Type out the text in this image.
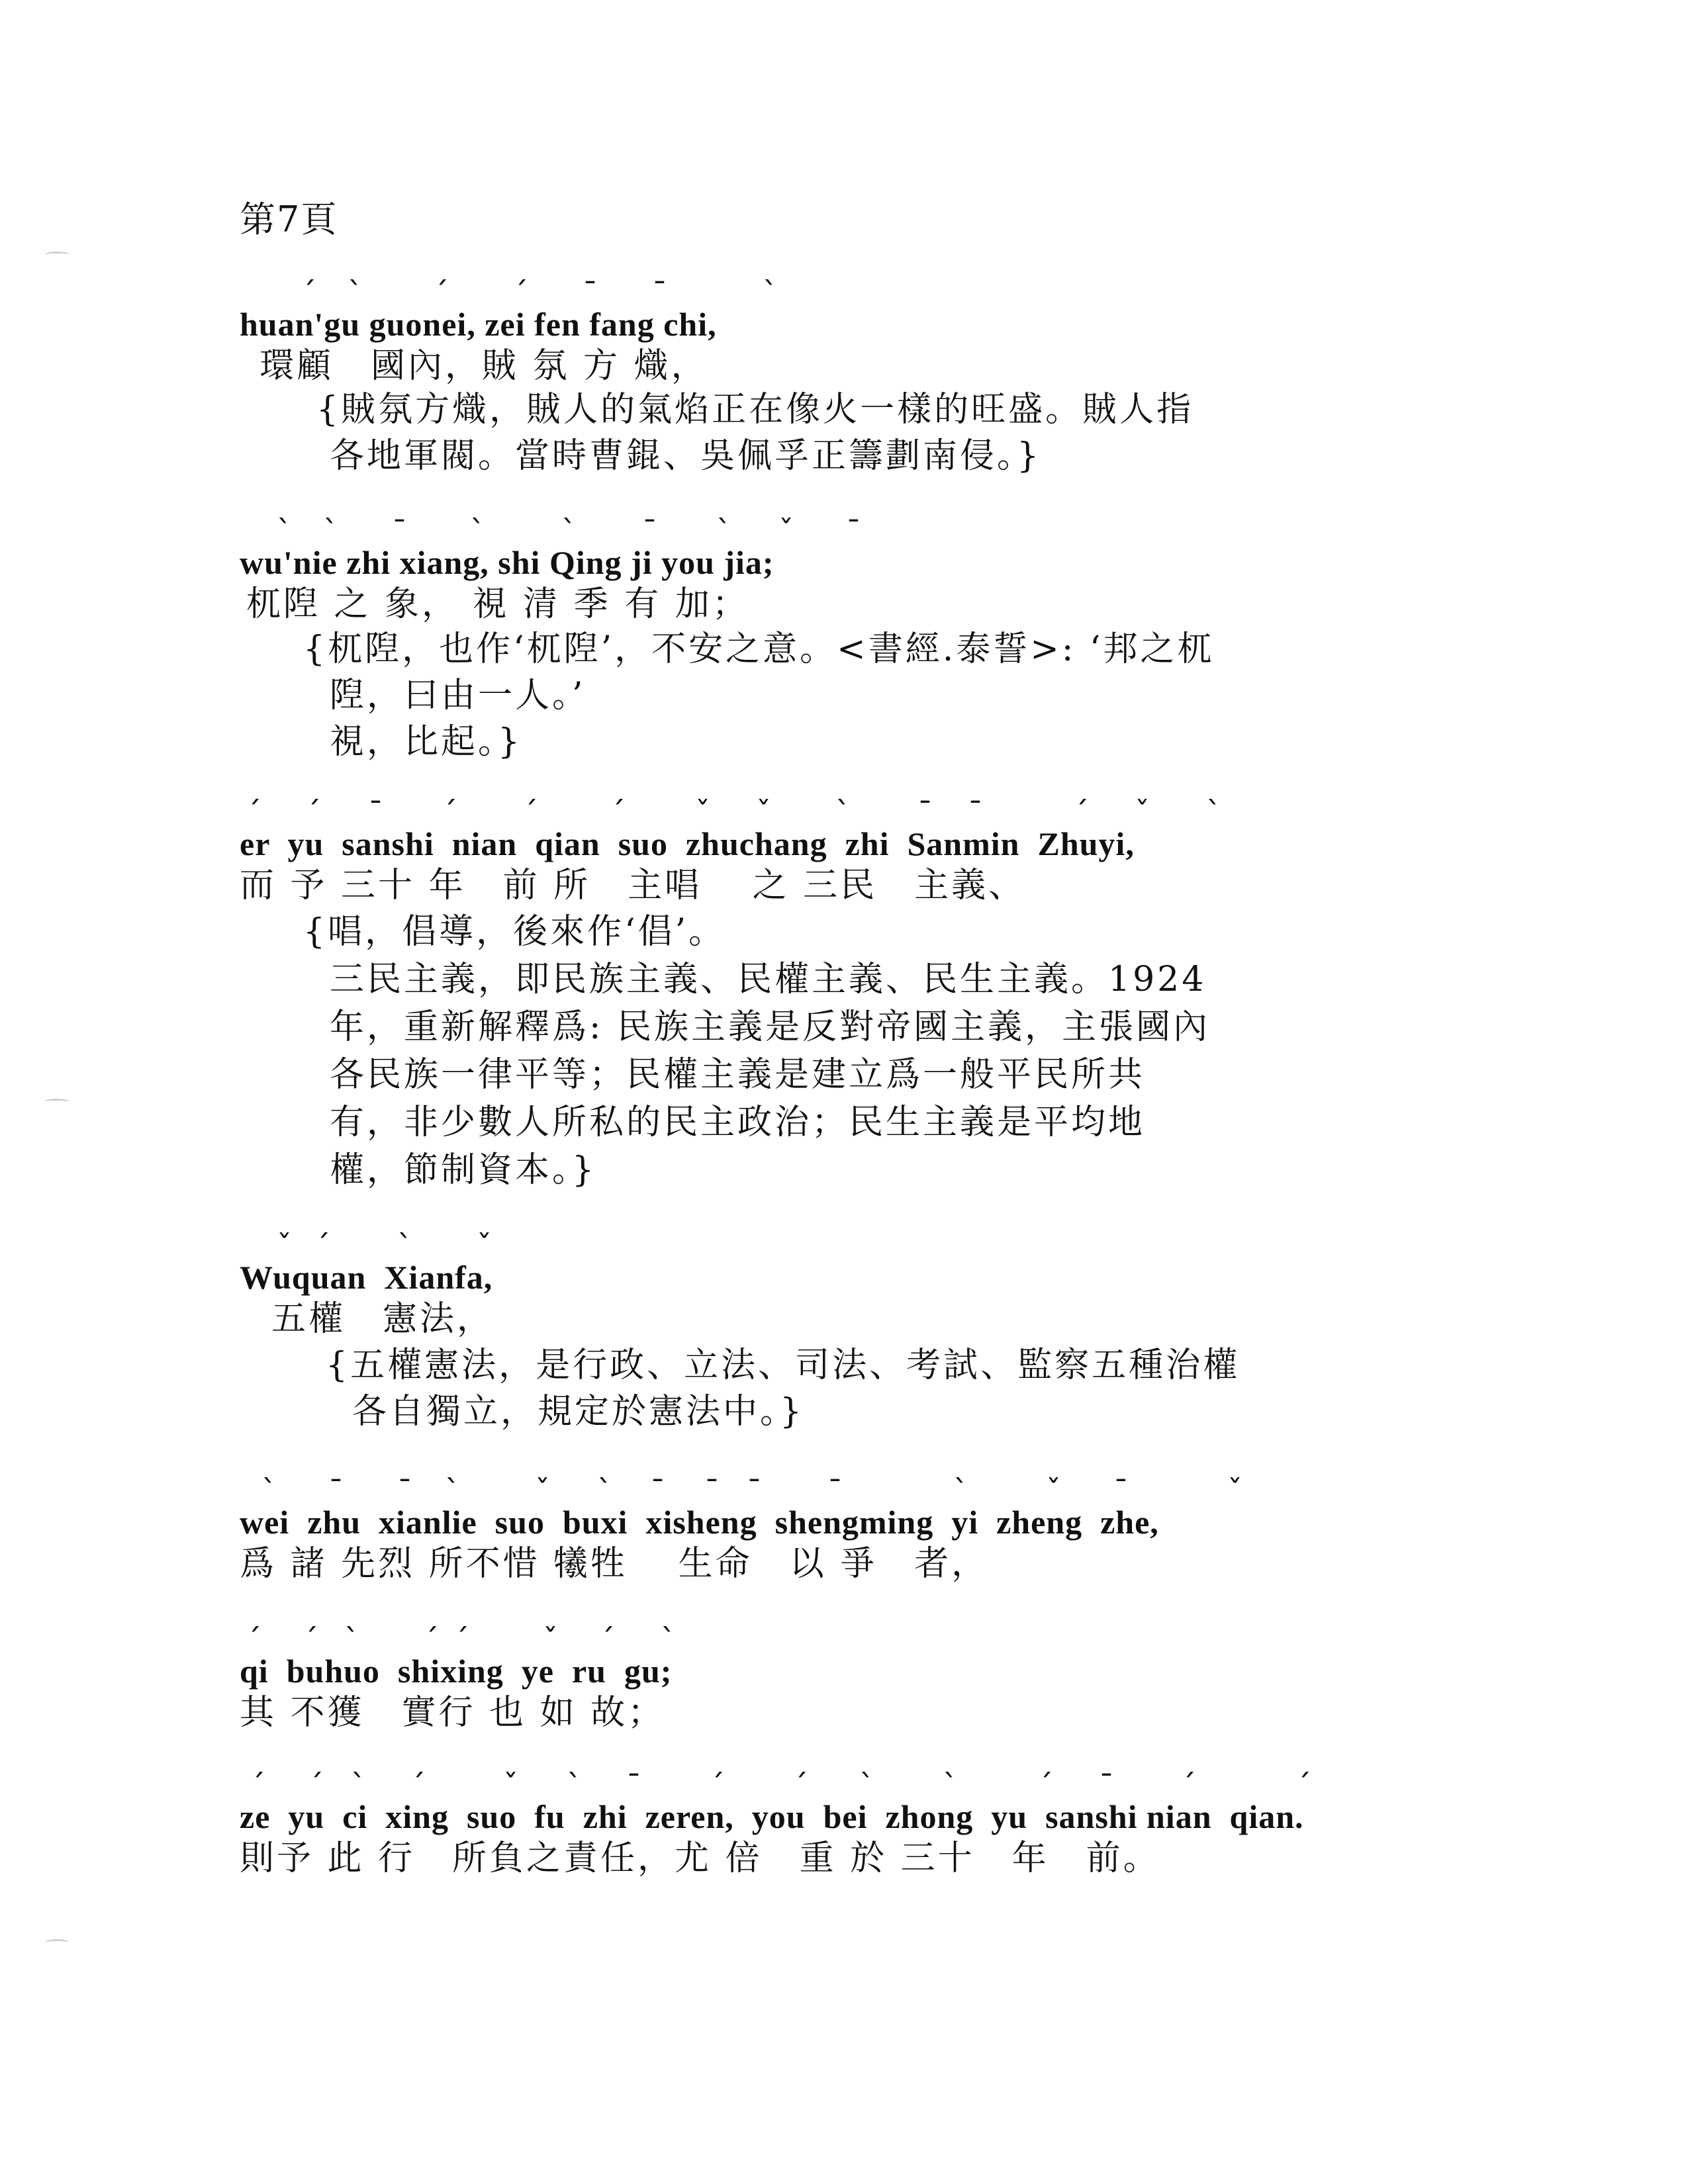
第7頁
ˊ ˋ ˊ ˊ ¯ ¯	ˋ
huan'gu guonei, zei fen fang chi,
環顧　國內，賊 氛 方 熾，
{賊氛方熾，賊人的氣焰正在像火一樣的旺盛。賊人指
各地軍閥。當時曹錕、吳佩孚正籌劃南侵。}
ˋ ˋ ¯ ˋ	ˋ ¯ ˋ ˇ ¯
wu'nie zhi xiang, shi Qing ji you jia;
杌隉 之 象， 視 清 季 有 加；
{杌隉，也作‘杌隉’，不安之意。<書經.泰誓>: ‘邦之杌
隉，曰由一人。’
視，比起。}
ˊ ˊ ¯ ˊ ˊ ˊ ˇ ˇ ˋ ¯ ¯	ˊ ˇ ˋ
er  yu  sanshi  nian  qian  suo  zhuchang  zhi  Sanmin  Zhuyi,
而 予 三十 年　前 所　主唱　 之 三民　主義、
{唱，倡導，後來作‘倡’。
三民主義，即民族主義、民權主義、民生主義。1924
年，重新解釋爲: 民族主義是反對帝國主義，主張國內
各民族一律平等；民權主義是建立爲一般平民所共
有，非少數人所私的民主政治；民生主義是平均地
權，節制資本。}
ˇ ˊ ˋ ˇ
Wuquan  Xianfa,
五權　憲法，
{五權憲法，是行政、立法、司法、考試、監察五種治權
各自獨立，規定於憲法中。}
ˋ ¯ ¯ ˋ ˇ ˋ ¯ ¯ ¯ ¯	ˋ	ˇ ¯	ˇ
wei  zhu  xianlie  suo  buxi  xisheng  shengming  yi  zheng  zhe,
爲 諸 先烈 所不惜 犧牲　 生命　以 爭　者，
ˊ ˊ ˋ ˊ ˊ ˇ ˊ ˋ
qi  buhuo  shixing  ye  ru  gu;
其 不獲　實行 也 如 故；
ˊ ˊ ˋ ˊ	ˇ ˋ ¯ ˊ ˊ ˋ ˋ	ˊ ¯ ˊ	ˊ
ze  yu  ci  xing  suo  fu  zhi  zeren,  you  bei  zhong  yu  sanshi nian  qian.
則予 此 行　所負之責任，尤 倍　重 於 三十　年　前。
